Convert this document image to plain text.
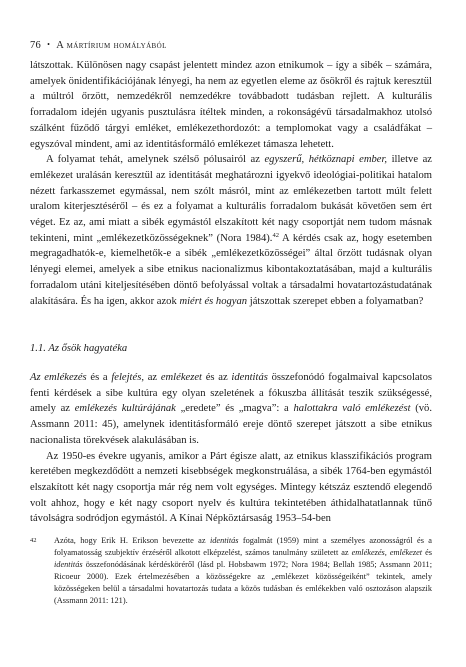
76 • A mártírium homályából

látszottak. Különösen nagy csapást jelentett mindez azon etnikumok – így a sibék – számára, amelyek önidentifikációjának lényegi, ha nem az egyetlen eleme az ősökről és rajtuk keresztül a múltról őrzött, nemzedékről nemzedékre továbbadott tudásban rejlett. A kulturális forradalom idején ugyanis pusztulásra ítéltek minden, a rokonságévű társadalmakhoz utolsó szálként fűződő tárgyi emléket, emlékezethordozót: a templomokat vagy a családfákat – egyszóval mindent, ami az identitásformáló emlékezet támasza lehetett.

A folyamat tehát, amelynek szélső pólusairól az egyszerű, hétköznapi ember, illetve az emlékezet uralásán keresztül az identitását meghatározni igyekvő ideológiai-politikai hatalom nézett farkasszemet egymással, nem szólt másról, mint az emlékezetben tartott múlt felett uralom kiterjesztéséről – és ez a folyamat a kulturális forradalom bukását követően sem ért véget. Ez az, ami miatt a sibék egymástól elszakított két nagy csoportját nem tudom másnak tekinteni, mint „emlékezetközösségeknek” (Nora 1984).$^{42}$ A kérdés csak az, hogy esetemben megragadhatók-e, kiemelhetők-e a sibék „emlékezetközösségei” által őrzött tudásnak olyan lényegi elemei, amelyek a sibe etnikus nacionalizmus kibontakoztatásában, majd a kulturális forradalom utáni kiteljesítésében döntő befolyással voltak a társadalmi hovatartozástudatának alakítására. És ha igen, akkor azok miért és hogyan játszottak szerepet ebben a folyamatban?

1.1. Az ősök hagyatéka

Az emlékezés és a felejtés, az emlékezet és az identitás összefonódó fogalmaival kapcsolatos fenti kérdések a sibe kultúra egy olyan szeletének a fókuszba állítását teszik szükségessé, amely az emlékezés kultúrájának „eredete” és „magva”: a halottakra való emlékezést (vö. Assmann 2011: 45), amelynek identitásformáló ereje döntő szerepet játszott a sibe etnikus nacionalista törekvések alakulásában is.

Az 1950-es évekre ugyanis, amikor a Párt égisze alatt, az etnikus klasszifikációs program keretében megkezdődött a nemzeti kisebbségek megkonstruálása, a sibék 1764-ben egymástól elszakított két nagy csoportja már rég nem volt egységes. Mintegy kétszáz esztendő elegendő volt ahhoz, hogy e két nagy csoport nyelv és kultúra tekintetében áthidalhatatlannak tűnő távolságra sodródjon egymástól. A Kínai Népköztársaság 1953–54-ben

42 Azóta, hogy Erik H. Erikson bevezette az identitás fogalmát (1959) mint a személyes azonosságról és a folyamatosság szubjektív érzéséről alkotott elképzelést, számos tanulmány született az emlékezés, emlékezet és identitás összefonódásának kérdésköréről (lásd pl. Hobsbawm 1972; Nora 1984; Bellah 1985; Assmann 2011; Ricoeur 2000). Ezek értelmezésében a közösségekre az „emlékezet közösségeiként” tekintek, amely közösségeken belül a társadalmi hovatartozás tudata a közös tudásban és emlékekben való osztozáson alapszik (Assmann 2011: 121).
